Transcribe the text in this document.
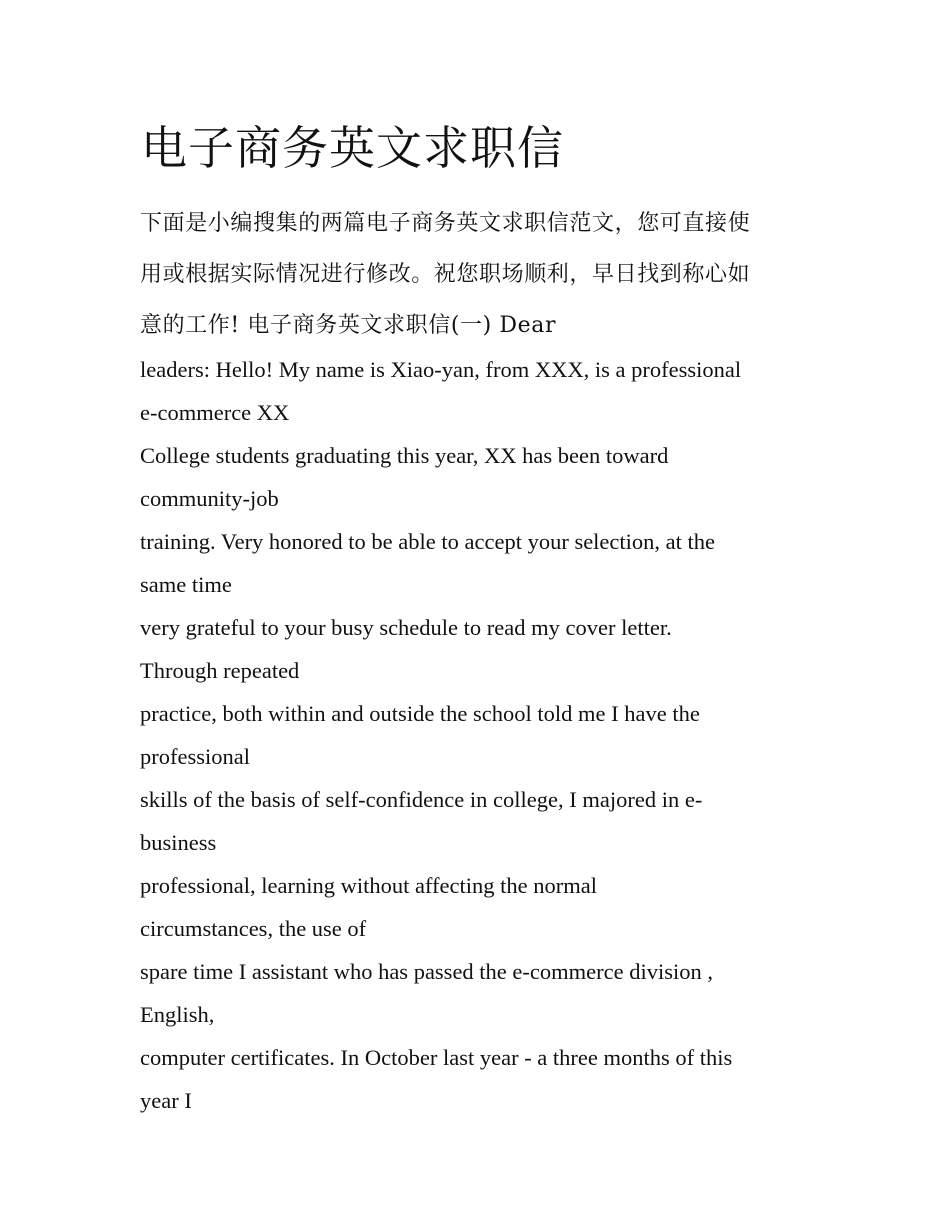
电子商务英文求职信
下面是小编搜集的两篇电子商务英文求职信范文，您可直接使
用或根据实际情况进行修改。祝您职场顺利，早日找到称心如
意的工作! 电子商务英文求职信(一) Dear
leaders: Hello! My name is Xiao-yan, from XXX, is a professional
e-commerce XX
College students graduating this year, XX has been toward
community-job
training. Very honored to be able to accept your selection, at the
same time
very grateful to your busy schedule to read my cover letter.
Through repeated
practice, both within and outside the school told me I have the
professional
skills of the basis of self-confidence in college, I majored in e-
business
professional, learning without affecting the normal
circumstances, the use of
spare time I assistant who has passed the e-commerce division ,
English,
computer certificates. In October last year - a three months of this
year I
